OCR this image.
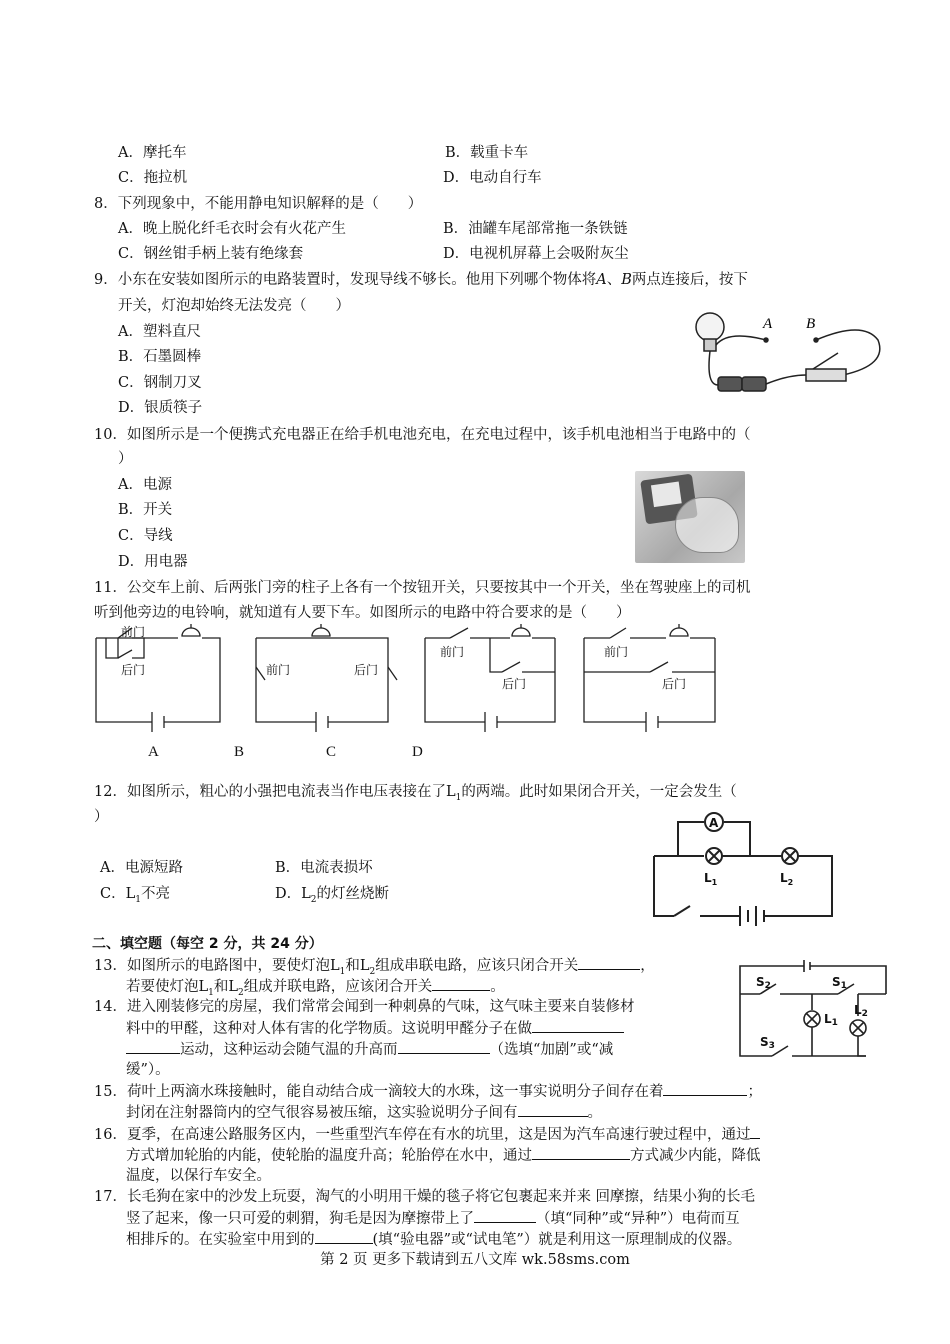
A．摩托车	B．载重卡车
C．拖拉机	D．电动自行车
8．下列现象中，不能用静电知识解释的是（　　）
A．晚上脱化纤毛衣时会有火花产生	B．油罐车尾部常拖一条铁链
C．钢丝钳手柄上装有绝缘套	D．电视机屏幕上会吸附灰尘
9．小东在安装如图所示的电路装置时，发现导线不够长。他用下列哪个物体将A、B两点连接后，按下
开关，灯泡却始终无法发亮（　　）
A．塑料直尺
B．石墨圆棒
C．钢制刀叉
D．银质筷子
A B
10．如图所示是一个便携式充电器正在给手机电池充电，在充电过程中，该手机电池相当于电路中的（
）
A．电源
B．开关
C．导线
D．用电器
11．公交车上前、后两张门旁的柱子上各有一个按钮开关，只要按其中一个开关，坐在驾驶座上的司机
听到他旁边的电铃响，就知道有人要下车。如图所示的电路中符合要求的是（　　）
前门
后门	前门	后门
前门
后门
前门
后门
A	B	C	D
12．如图所示，粗心的小强把电流表当作电压表接在了$L_1$的两端。此时如果闭合开关，一定会发生（
）
A．电源短路	B．电流表损坏
C．$L_1$不亮	D．$L_2$的灯丝烧断
A
$L_1$	$L_2$
二、填空题（每空 2 分，共 24 分）
13．如图所示的电路图中，要使灯泡$L_1$和$L_2$组成串联电路，应该只闭合开关	，
若要使灯泡$L_1$和$L_2$组成并联电路，应该闭合开关	。	S2	S1
L1
L2
S3
14．进入刚装修完的房屋，我们常常会闻到一种刺鼻的气味，这气味主要来自装修材
料中的甲醛，这种对人体有害的化学物质。这说明甲醛分子在做
运动，这种运动会随气温的升高而	（选填“加剧”或“减
缓”）。
15．荷叶上两滴水珠接触时，能自动结合成一滴较大的水珠，这一事实说明分子间存在着	；
封闭在注射器筒内的空气很容易被压缩，这实验说明分子间有	。
16．夏季，在高速公路服务区内，一些重型汽车停在有水的坑里，这是因为汽车高速行驶过程中，通过
方式增加轮胎的内能，使轮胎的温度升高；轮胎停在水中，通过	方式减少内能，降低
温度，以保行车安全。
17．长毛狗在家中的沙发上玩耍，淘气的小明用干燥的毯子将它包裹起来并来 回摩擦，结果小狗的长毛
竖了起来，像一只可爱的刺猬，狗毛是因为摩擦带上了	（填“同种”或“异种”）电荷而互
相排斥的。在实验室中用到的	(填“验电器”或“试电笔”）就是利用这一原理制成的仪器。
第 2 页 更多下载请到五八文库 wk.58sms.com
